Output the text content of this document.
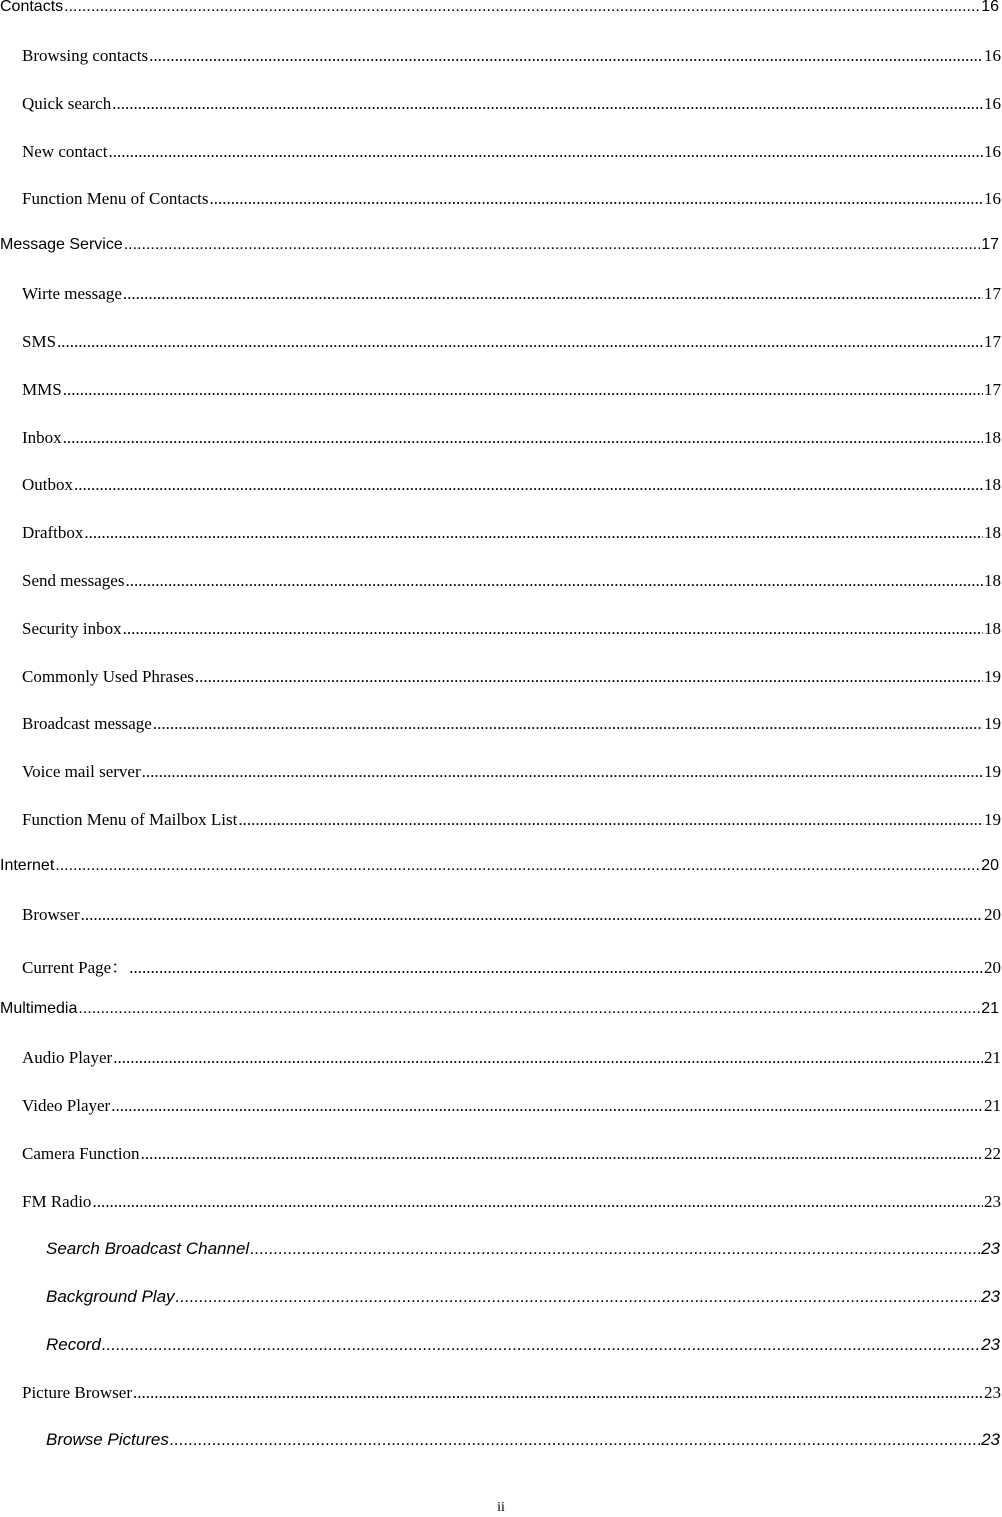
Contacts .....	16
Browsing contacts .....	16
Quick search .....	16
New contact .....	16
Function Menu of Contacts .....	16
Message Service .....	17
Wirte message .....	17
SMS .....	17
MMS .....	17
Inbox .....	18
Outbox .....	18
Draftbox .....	18
Send messages .....	18
Security inbox .....	18
Commonly Used Phrases .....	19
Broadcast message .....	19
Voice mail server .....	19
Function Menu of Mailbox List .....	19
Internet .....	20
Browser .....	20
Current Page： .....	20
Multimedia .....	21
Audio Player .....	21
Video Player .....	21
Camera Function .....	22
FM Radio .....	23
Search Broadcast Channel .....	23
Background Play .....	23
Record .....	23
Picture Browser .....	23
Browse Pictures .....	23
ii
